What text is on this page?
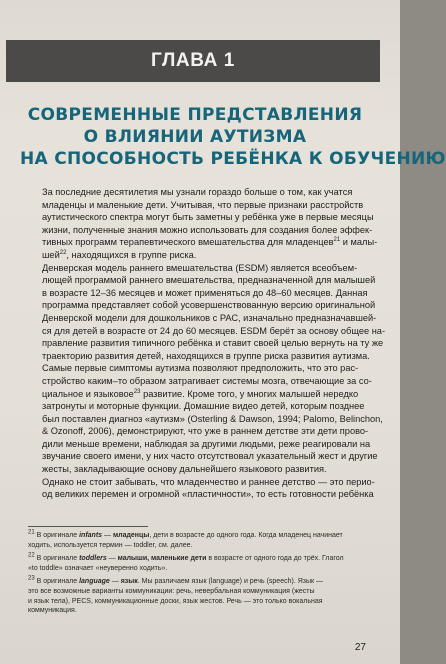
ГЛАВА 1
СОВРЕМЕННЫЕ ПРЕДСТАВЛЕНИЯ
О ВЛИЯНИИ АУТИЗМА
НА СПОСОБНОСТЬ РЕБЁНКА К ОБУЧЕНИЮ

За последние десятилетия мы узнали гораздо больше о том, как учатся
младенцы и маленькие дети. Учитывая, что первые признаки расстройств
аутистического спектра могут быть заметны у ребёнка уже в первые месяцы
жизни, полученные знания можно использовать для создания более эффек-
тивных программ терапевтического вмешательства для младенцев$^{21}$ и малы-
шей$^{22}$, находящихся в группе риска.

Денверская модель раннего вмешательства (ESDM) является всеобъем-
лющей программой раннего вмешательства, предназначенной для малышей
в возрасте 12–36 месяцев и может применяться до 48–60 месяцев. Данная
программа представляет собой усовершенствованную версию оригинальной
Денверской модели для дошкольников с РАС, изначально предназначавшей-
ся для детей в возрасте от 24 до 60 месяцев. ESDM берёт за основу общее на-
правление развития типичного ребёнка и ставит своей целью вернуть на ту же
траекторию развития детей, находящихся в группе риска развития аутизма.

Самые первые симптомы аутизма позволяют предположить, что это рас-
стройство каким–то образом затрагивает системы мозга, отвечающие за со-
циальное и языковое$^{23}$ развитие. Кроме того, у многих малышей нередко
затронуты и моторные функции. Домашние видео детей, которым позднее
был поставлен диагноз «аутизм» (Osterling & Dawson, 1994; Palomo, Belinchon,
& Ozonoff, 2006), демонстрируют, что уже в раннем детстве эти дети прово-
дили меньше времени, наблюдая за другими людьми, реже реагировали на
звучание своего имени, у них часто отсутствовал указательный жест и другие
жесты, закладывающие основу дальнейшего языкового развития.

Однако не стоит забывать, что младенчество и раннее детство — это перио-
од великих перемен и огромной «пластичности», то есть готовности ребёнка

$^{21}$ В оригинале infants — младенцы, дети в возрасте до одного года. Когда младенец начинает
ходить, используется термин — toddler, см. далее.
$^{22}$ В оригинале toddlers — малыши, маленькие дети в возрасте от одного года до трёх. Глагол
«to toddle» означает «неуверенно ходить».
$^{23}$ В оригинале language — язык. Мы различаем язык (language) и речь (speech). Язык —
это все возможные варианты коммуникации: речь, невербальная коммуникация (жесты
и язык тела), PECS, коммуникационные доски, язык жестов. Речь — это только вокальная
коммуникация.
27
